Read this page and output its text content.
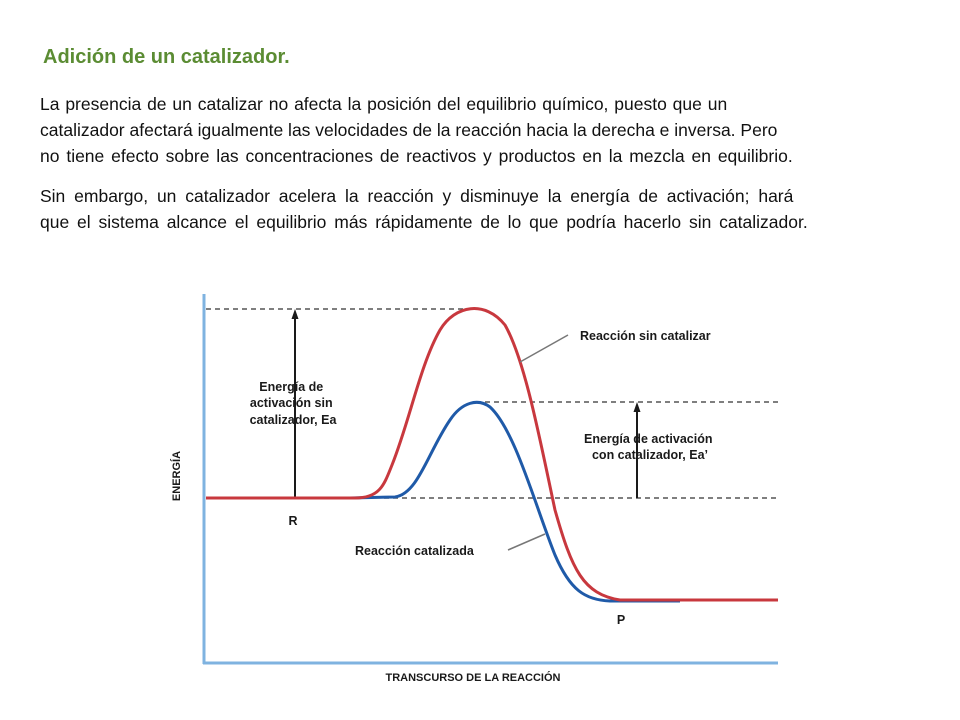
Adición de un catalizador.
La presencia de un catalizar no afecta la posición del equilibrio químico, puesto que un
catalizador afectará igualmente las velocidades de la reacción hacia la derecha e inversa. Pero
no tiene efecto sobre las concentraciones de reactivos y productos en la mezcla en equilibrio.
Sin embargo, un catalizador acelera la reacción y disminuye la energía de activación; hará
que el sistema alcance el equilibrio más rápidamente de lo que podría hacerlo sin catalizador.
Reacción sin catalizar
Reacción catalizada
Energía de activación sin catalizador, Ea
Energía de activación con catalizador, Ea’
R
P
ENERGÍA
TRANSCURSO DE LA REACCIÓN
